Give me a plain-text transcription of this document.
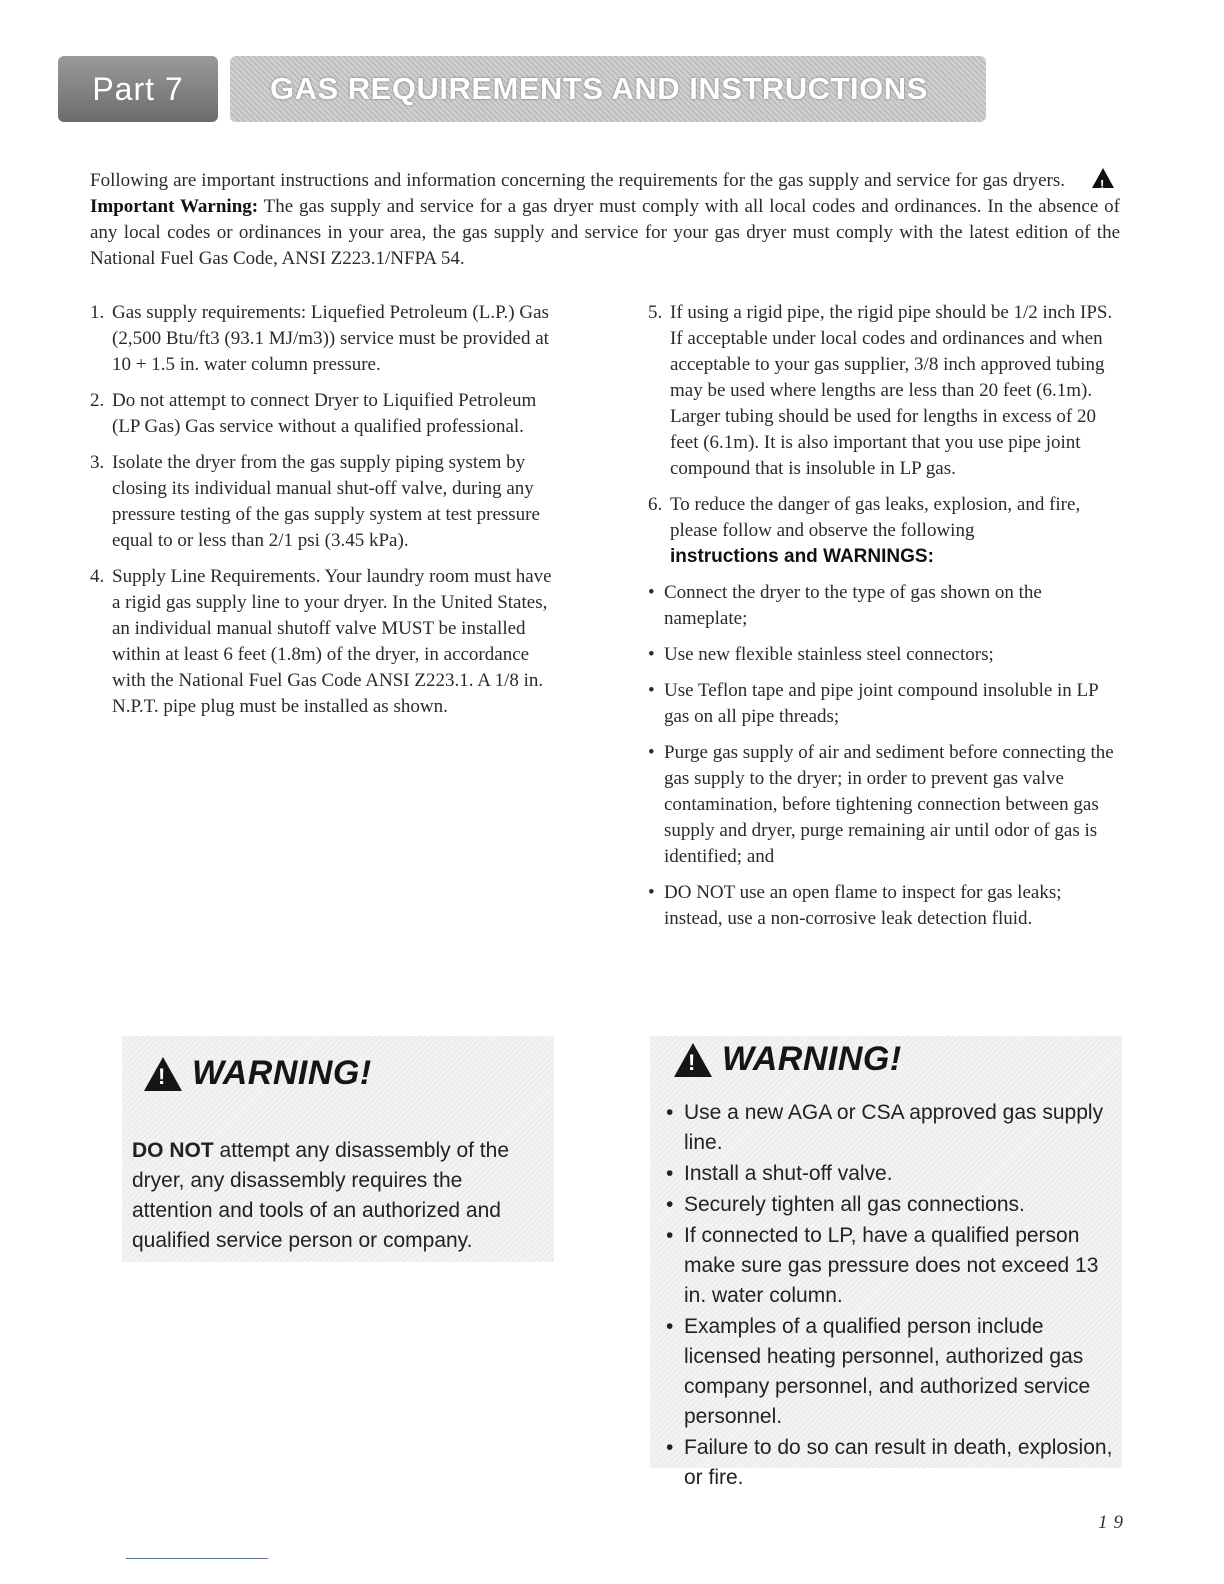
Part 7	GAS REQUIREMENTS AND INSTRUCTIONS
Following are important instructions and information concerning the requirements for the gas supply and service for gas dryers. !Important Warning: The gas supply and service for a gas dryer must comply with all local codes and ordinances. In the absence of any local codes or ordinances in your area, the gas supply and service for your gas dryer must comply with the latest edition of the National Fuel Gas Code, ANSI Z223.1/NFPA 54.
1. Gas supply requirements: Liquefied Petroleum (L.P.) Gas (2,500 Btu/ft3 (93.1 MJ/m3)) service must be provided at 10 + 1.5 in. water column pressure.
2. Do not attempt to connect Dryer to Liquified Petroleum (LP Gas) Gas service without a qualified professional.
3. Isolate the dryer from the gas supply piping system by closing its individual manual shut-off valve, during any pressure testing of the gas supply system at test pressure equal to or less than 2/1 psi (3.45 kPa).
4. Supply Line Requirements. Your laundry room must have a rigid gas supply line to your dryer. In the United States, an individual manual shutoff valve MUST be installed within at least 6 feet (1.8m) of the dryer, in accordance with the National Fuel Gas Code ANSI Z223.1. A 1/8 in. N.P.T. pipe plug must be installed as shown.
5. If using a rigid pipe, the rigid pipe should be 1/2 inch IPS. If acceptable under local codes and ordinances and when acceptable to your gas supplier, 3/8 inch approved tubing may be used where lengths are less than 20 feet (6.1m). Larger tubing should be used for lengths in excess of 20 feet (6.1m). It is also important that you use pipe joint compound that is insoluble in LP gas.
6. To reduce the danger of gas leaks, explosion, and fire, please follow and observe the following
instructions and WARNINGS:
• Connect the dryer to the type of gas shown on the nameplate;
• Use new flexible stainless steel connectors;
• Use Teflon tape and pipe joint compound insoluble in LP gas on all pipe threads;
• Purge gas supply of air and sediment before connecting the gas supply to the dryer; in order to prevent gas valve contamination, before tightening connection between gas supply and dryer, purge remaining air until odor of gas is identified; and
• DO NOT use an open flame to inspect for gas leaks; instead, use a non-corrosive leak detection fluid.
!
WARNING!
DO NOT attempt any disassembly of the dryer, any disassembly requires the attention and tools of an authorized and qualified service person or company.
!
WARNING!
• Use a new AGA or CSA approved gas supply line.
• Install a shut-off valve.
• Securely tighten all gas connections.
• If connected to LP, have a qualified person make sure gas pressure does not exceed 13 in. water column.
• Examples of a qualified person include licensed heating personnel, authorized gas company personnel, and authorized service personnel.
• Failure to do so can result in death, explosion, or fire.
19
